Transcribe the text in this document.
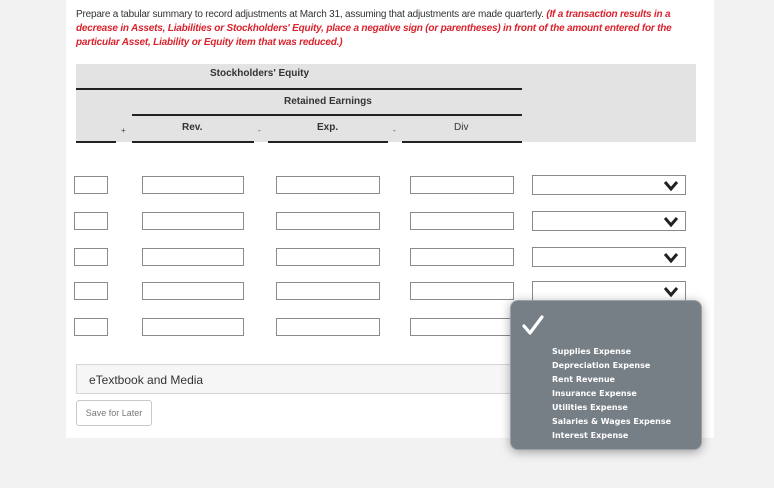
Prepare a tabular summary to record adjustments at March 31, assuming that adjustments are made quarterly. (If a transaction results in a decrease in Assets, Liabilities or Stockholders' Equity, place a negative sign (or parentheses) in front of the amount entered for the particular Asset, Liability or Equity item that was reduced.)
Stockholders' Equity
Retained Earnings
+	Rev.	-	Exp.	-	Div
eTextbook and Media
Save for Later
Supplies Expense
Depreciation Expense
Rent Revenue
Insurance Expense
Utilities Expense
Salaries & Wages Expense
Interest Expense
